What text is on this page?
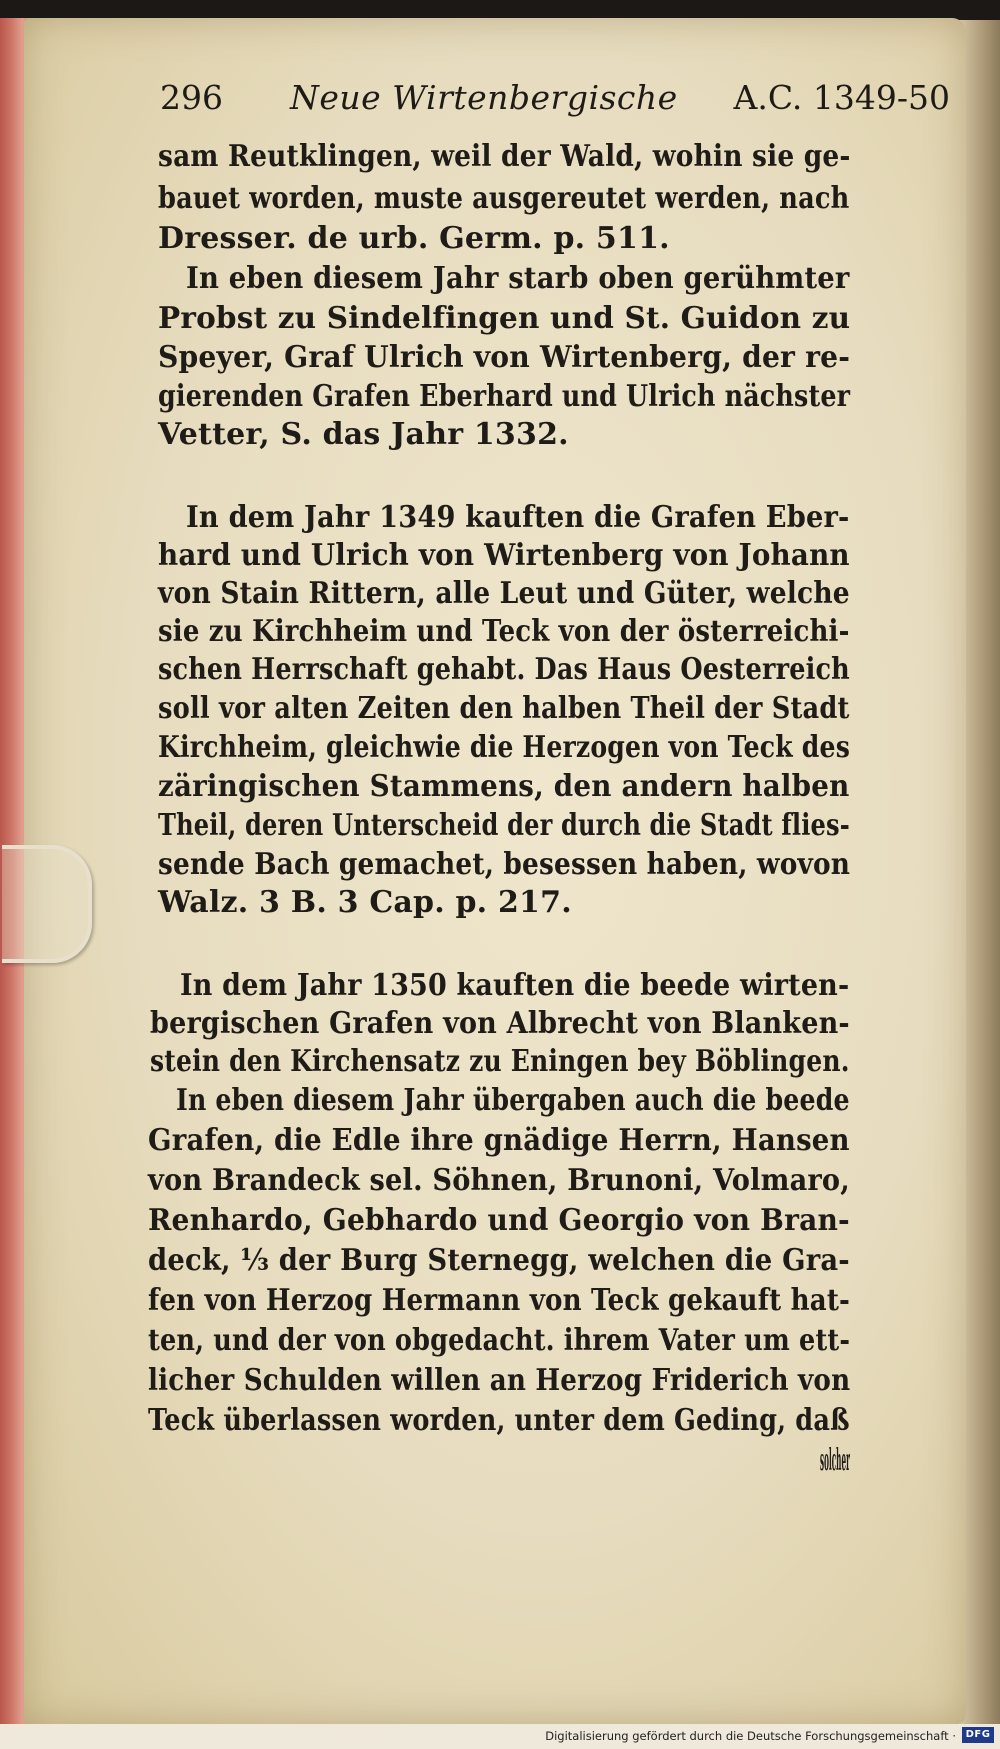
296 Neue Wirtenbergische A.C. 1349-50
sam Reutklingen, weil der Wald, wohin sie ge-
bauet worden, muste ausgereutet werden, nach
Dresser. de urb. Germ. p. 511.
In eben diesem Jahr starb oben gerühmter
Probst zu Sindelfingen und St. Guidon zu
Speyer, Graf Ulrich von Wirtenberg, der re-
gierenden Grafen Eberhard und Ulrich nächster
Vetter, S. das Jahr 1332.
In dem Jahr 1349 kauften die Grafen Eber-
hard und Ulrich von Wirtenberg von Johann
von Stain Rittern, alle Leut und Güter, welche
sie zu Kirchheim und Teck von der österreichi-
schen Herrschaft gehabt. Das Haus Oesterreich
soll vor alten Zeiten den halben Theil der Stadt
Kirchheim, gleichwie die Herzogen von Teck des
zäringischen Stammens, den andern halben
Theil, deren Unterscheid der durch die Stadt flies-
sende Bach gemachet, besessen haben, wovon
Walz. 3 B. 3 Cap. p. 217.
In dem Jahr 1350 kauften die beede wirten-
bergischen Grafen von Albrecht von Blanken-
stein den Kirchensatz zu Eningen bey Böblingen.
In eben diesem Jahr übergaben auch die beede
Grafen, die Edle ihre gnädige Herrn, Hansen
von Brandeck sel. Söhnen, Brunoni, Volmaro,
Renhardo, Gebhardo und Georgio von Bran-
deck, ⅓ der Burg Sternegg, welchen die Gra-
fen von Herzog Hermann von Teck gekauft hat-
ten, und der von obgedacht. ihrem Vater um ett-
licher Schulden willen an Herzog Friderich von
Teck überlassen worden, unter dem Geding, daß
solcher
Digitalisierung gefördert durch die Deutsche Forschungsgemeinschaft · DFG
